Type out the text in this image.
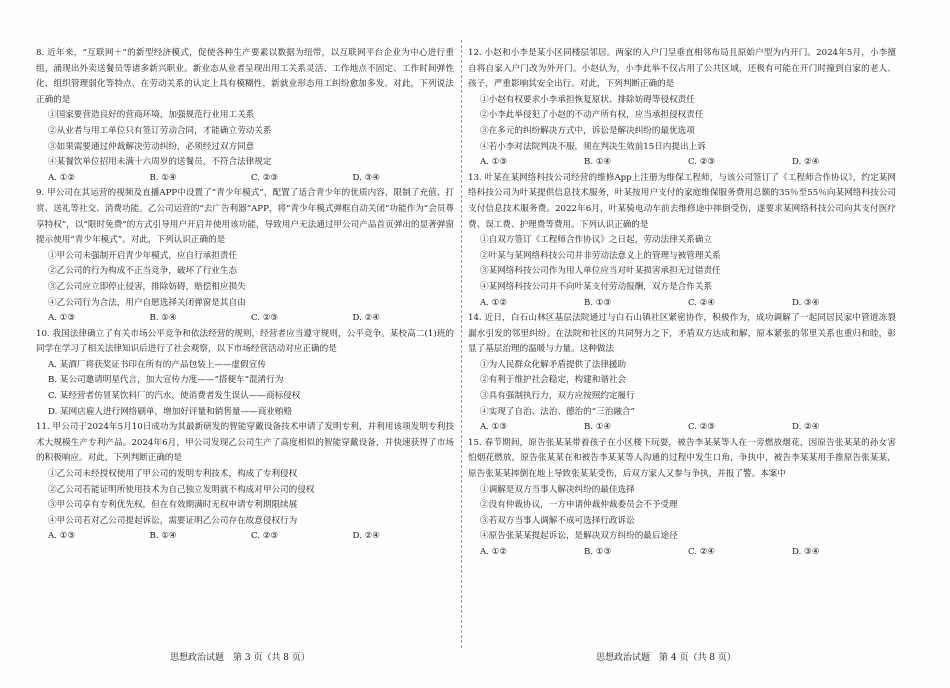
8. 近年来，“互联网＋”的新型经济模式，促使各种生产要素以数据为纽带，以互联网平台企业为中心进行重组，涌现出外卖送餐员等诸多新兴职业。新业态从业者呈现出用工关系灵活、工作地点不固定、工作时间弹性化、组织管理弱化等特点，在劳动关系的认定上具有模糊性，新就业形态用工纠纷愈加多发。对此，下列说法正确的是

①国家要营造良好的营商环境，加强规范行业用工关系

②从业者与用工单位只有签订劳动合同，才能确立劳动关系

③如果需要通过仲裁解决劳动纠纷，必须经过双方同意

④某餐饮单位招用未满十六周岁的送餐员，不符合法律规定

A. ①②	B. ①④	C. ②③	D. ③④

9. 甲公司在其运营的视频及直播APP中设置了“青少年模式”，配置了适合青少年的优质内容，限制了充值、打赏、送礼等社交、消费功能。乙公司运营的“去广告利器”APP，将“青少年模式弹框自动关闭”功能作为“会员尊享特权”，以“限时免费”的方式引导用户开启并使用该功能，导致用户无法通过甲公司产品首页弹出的显著弹窗提示使用“青少年模式”。对此，下列认识正确的是

①甲公司未强制开启青少年模式，应自行承担责任

②乙公司的行为构成不正当竞争，破坏了行业生态

③乙公司应立即停止侵害，排除妨碍，赔偿相应损失

④乙公司行为合法，用户自愿选择关闭弹窗是其自由

A. ①③	B. ①④	C. ②③	D. ②④

10. 我国法律确立了有关市场公平竞争和依法经营的规则，经营者应当遵守规则，公平竞争。某校高二(1)班的同学在学习了相关法律知识后进行了社会观察，以下市场经营活动对应正确的是

A. 某酒厂将获奖证书印在所有的产品包装上——虚假宣传

B. 某公司邀请明星代言，加大宣传力度——“搭便车”混淆行为

C. 某经营者仿冒某饮料厂的汽水，使消费者发生误认——商标侵权

D. 某网店雇人进行网络刷单，增加好评量和销售量——商业贿赂

11. 甲公司于2024年5月10日成功为其最新研发的智能穿戴设备技术申请了发明专利，并利用该项发明专利技术大规模生产专利产品。2024年6月，甲公司发现乙公司生产了高度相似的智能穿戴设备，并快速获得了市场的积极响应。对此，下列判断正确的是

①乙公司未经授权使用了甲公司的发明专利技术，构成了专利侵权

②乙公司若能证明所使用技术为自己独立发明就不构成对甲公司的侵权

③甲公司享有专利优先权，但在有效期满时无权申请专利期限续展

④甲公司若对乙公司提起诉讼，需要证明乙公司存在故意侵权行为

A. ①③	B. ①④	C. ②③	D. ②④

12. 小赵和小李是某小区同楼层邻居。两家的入户门呈垂直相邻布局且原始户型为内开门。2024年5月，小李擅自将自家入户门改为外开门。小赵认为，小李此举不仅占用了公共区域，还极有可能在开门时撞到自家的老人、孩子，严重影响其安全出行。对此，下列判断正确的是

①小赵有权要求小李承担恢复原状、排除妨碍等侵权责任

②小李此举侵犯了小赵的不动产所有权，应当承担侵权责任

③在多元的纠纷解决方式中，诉讼是解决纠纷的最优选项

④若小李对法院判决不服，须在判决生效前15日内提出上诉

A. ①③	B. ①④	C. ②③	D. ②④

13. 叶某在某网络科技公司经营的维修App上注册为维保工程师，与该公司签订了《工程师合作协议》，约定某网络科技公司为叶某提供信息技术服务，叶某按用户支付的家庭维保服务费用总额的35％至55％向某网络科技公司支付信息技术服务费。2022年6月，叶某骑电动车前去维修途中摔倒受伤，遂要求某网络科技公司向其支付医疗费、误工费、护理费等费用。下列认识正确的是

①自双方签订《工程师合作协议》之日起，劳动法律关系确立

②叶某与某网络科技公司并非劳动法意义上的管理与被管理关系

③某网络科技公司作为用人单位应当对叶某损害承担无过错责任

④某网络科技公司并不向叶某支付劳动报酬，双方是合作关系

A. ①②	B. ①③	C. ②④	D. ③④

14. 近日，白石山林区基层法院通过与白石山镇社区紧密协作，积极作为，成功调解了一起同居民家中管道冻裂漏水引发的邻里纠纷。在法院和社区的共同努力之下，矛盾双方达成和解，原本紧张的邻里关系也重归和睦，彰显了基层治理的温暖与力量。这种做法

①为人民群众化解矛盾提供了法律援助

②有利于维护社会稳定，构建和谐社会

③具有强制执行力，双方应按照约定履行

④实现了自治、法治、德治的“三治融合”

A. ①③	B. ①④	C. ②③	D. ②④

15. 春节期间，原告张某某带着孩子在小区楼下玩耍，被告李某某等人在一旁燃放烟花，因原告张某某的孙女害怕烟花燃放，原告张某某在和被告李某某等人沟通的过程中发生口角，争执中，被告李某某用手推原告张某某，原告张某某摔倒在地上导致张某某受伤，后双方家人又参与争执，并报了警。本案中

①调解是双方当事人解决纠纷的最佳选择

②没有仲裁协议，一方申请仲裁仲裁委员会不予受理

③若双方当事人调解不成可选择行政诉讼

④原告张某某提起诉讼，是解决双方纠纷的最后途径

A. ①②	B. ①③	C. ②④	D. ③④
思想政治试题　第 3 页（共 8 页）	思想政治试题　第 4 页（共 8 页）
